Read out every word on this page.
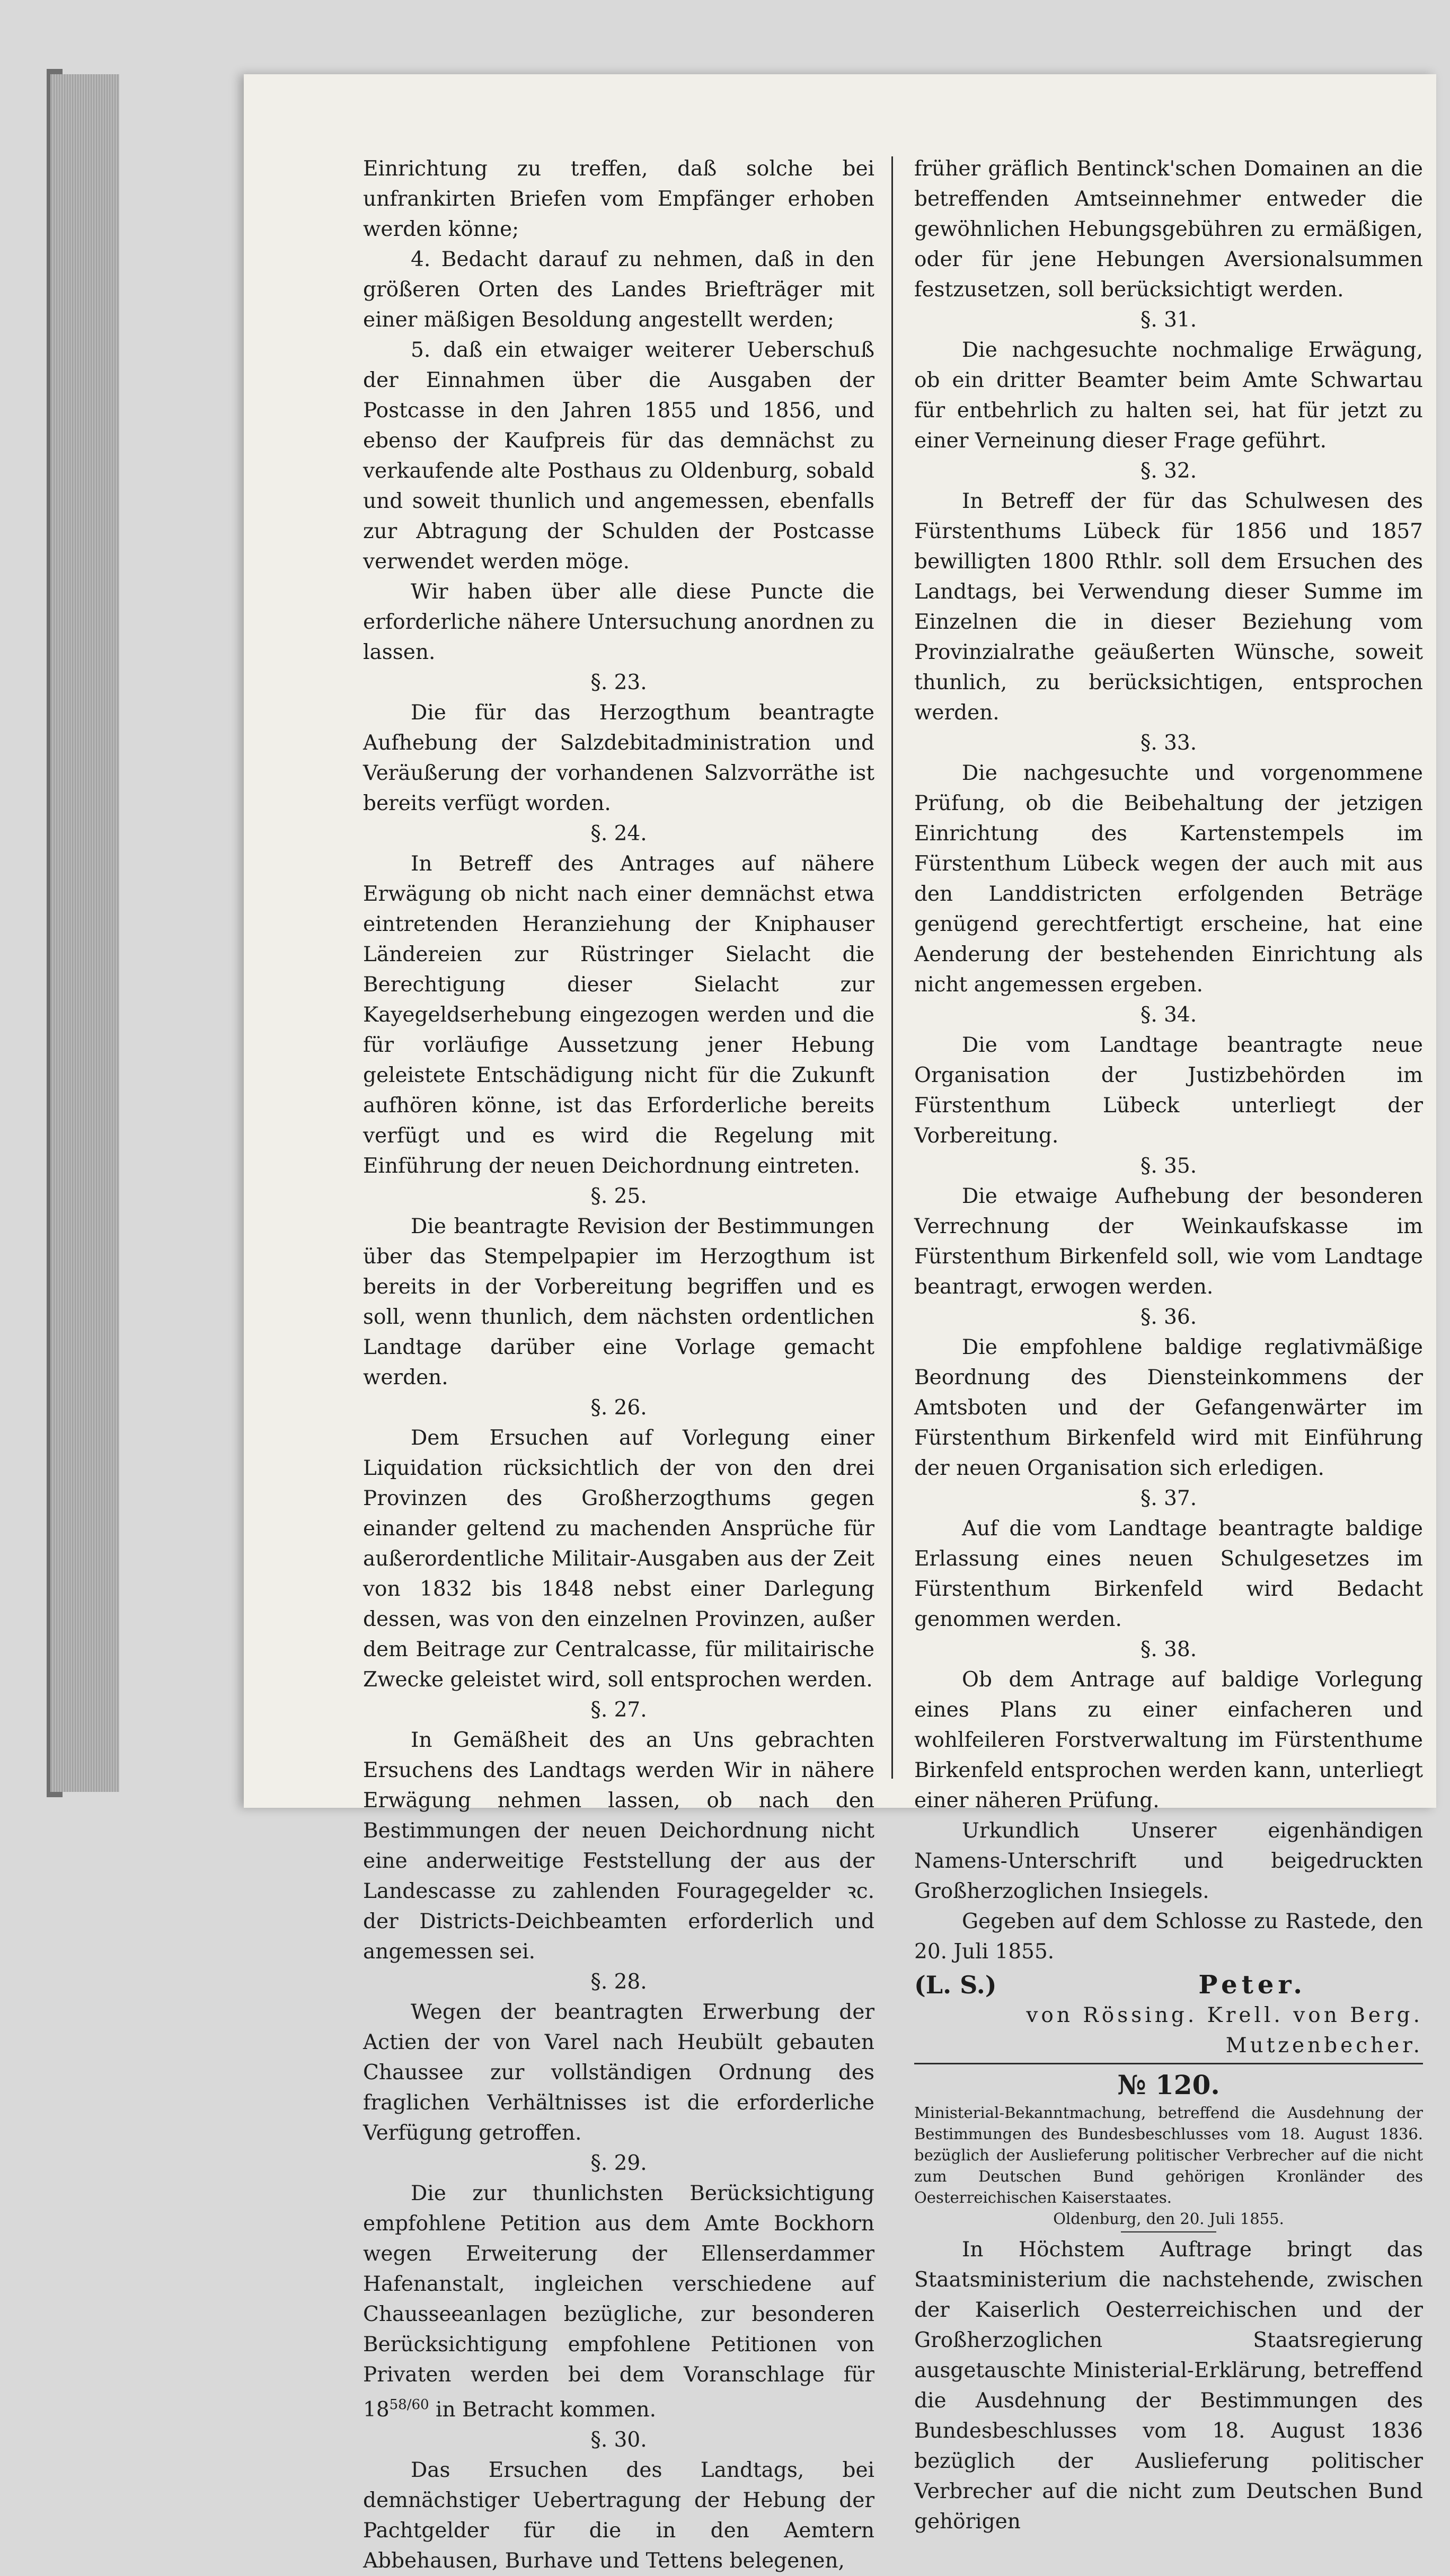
Einrichtung zu treffen, daß solche bei unfrankirten Briefen vom Empfänger erhoben werden könne;

4. Bedacht darauf zu nehmen, daß in den größeren Orten des Landes Briefträger mit einer mäßigen Besoldung angestellt werden;

5. daß ein etwaiger weiterer Ueberschuß der Einnahmen über die Ausgaben der Postcasse in den Jahren 1855 und 1856, und ebenso der Kaufpreis für das demnächst zu verkaufende alte Posthaus zu Oldenburg, sobald und soweit thunlich und angemessen, ebenfalls zur Abtragung der Schulden der Postcasse verwendet werden möge.

Wir haben über alle diese Puncte die erforderliche nähere Untersuchung anordnen zu lassen.

§. 23.

Die für das Herzogthum beantragte Aufhebung der Salzdebitadministration und Veräußerung der vorhandenen Salzvorräthe ist bereits verfügt worden.

§. 24.

In Betreff des Antrages auf nähere Erwägung ob nicht nach einer demnächst etwa eintretenden Heranziehung der Kniphauser Ländereien zur Rüstringer Sielacht die Berechtigung dieser Sielacht zur Kayegeldserhebung eingezogen werden und die für vorläufige Aussetzung jener Hebung geleistete Entschädigung nicht für die Zukunft aufhören könne, ist das Erforderliche bereits verfügt und es wird die Regelung mit Einführung der neuen Deichordnung eintreten.

§. 25.

Die beantragte Revision der Bestimmungen über das Stempelpapier im Herzogthum ist bereits in der Vorbereitung begriffen und es soll, wenn thunlich, dem nächsten ordentlichen Landtage darüber eine Vorlage gemacht werden.

§. 26.

Dem Ersuchen auf Vorlegung einer Liquidation rücksichtlich der von den drei Provinzen des Großherzogthums gegen einander geltend zu machenden Ansprüche für außerordentliche Militair-Ausgaben aus der Zeit von 1832 bis 1848 nebst einer Darlegung dessen, was von den einzelnen Provinzen, außer dem Beitrage zur Centralcasse, für militairische Zwecke geleistet wird, soll entsprochen werden.

§. 27.

In Gemäßheit des an Uns gebrachten Ersuchens des Landtags werden Wir in nähere Erwägung nehmen lassen, ob nach den Bestimmungen der neuen Deichordnung nicht eine anderweitige Feststellung der aus der Landescasse zu zahlenden Fouragegelder ꝛc. der Districts-Deichbeamten erforderlich und angemessen sei.

§. 28.

Wegen der beantragten Erwerbung der Actien der von Varel nach Heubült gebauten Chaussee zur vollständigen Ordnung des fraglichen Verhältnisses ist die erforderliche Verfügung getroffen.

§. 29.

Die zur thunlichsten Berücksichtigung empfohlene Petition aus dem Amte Bockhorn wegen Erweiterung der Ellenserdammer Hafenanstalt, ingleichen verschiedene auf Chausseeanlagen bezügliche, zur besonderen Berücksichtigung empfohlene Petitionen von Privaten werden bei dem Voranschlage für $18^{58/60}$ in Betracht kommen.

§. 30.

Das Ersuchen des Landtags, bei demnächstiger Uebertragung der Hebung der Pachtgelder für die in den Aemtern Abbehausen, Burhave und Tettens belegenen,

früher gräflich Bentinck'schen Domainen an die betreffenden Amtseinnehmer entweder die gewöhnlichen Hebungsgebühren zu ermäßigen, oder für jene Hebungen Aversionalsummen festzusetzen, soll berücksichtigt werden.

§. 31.

Die nachgesuchte nochmalige Erwägung, ob ein dritter Beamter beim Amte Schwartau für entbehrlich zu halten sei, hat für jetzt zu einer Verneinung dieser Frage geführt.

§. 32.

In Betreff der für das Schulwesen des Fürstenthums Lübeck für 1856 und 1857 bewilligten 1800 Rthlr. soll dem Ersuchen des Landtags, bei Verwendung dieser Summe im Einzelnen die in dieser Beziehung vom Provinzialrathe geäußerten Wünsche, soweit thunlich, zu berücksichtigen, entsprochen werden.

§. 33.

Die nachgesuchte und vorgenommene Prüfung, ob die Beibehaltung der jetzigen Einrichtung des Kartenstempels im Fürstenthum Lübeck wegen der auch mit aus den Landdistricten erfolgenden Beträge genügend gerechtfertigt erscheine, hat eine Aenderung der bestehenden Einrichtung als nicht angemessen ergeben.

§. 34.

Die vom Landtage beantragte neue Organisation der Justizbehörden im Fürstenthum Lübeck unterliegt der Vorbereitung.

§. 35.

Die etwaige Aufhebung der besonderen Verrechnung der Weinkaufskasse im Fürstenthum Birkenfeld soll, wie vom Landtage beantragt, erwogen werden.

§. 36.

Die empfohlene baldige reglativmäßige Beordnung des Diensteinkommens der Amtsboten und der Gefangenwärter im Fürstenthum Birkenfeld wird mit Einführung der neuen Organisation sich erledigen.

§. 37.

Auf die vom Landtage beantragte baldige Erlassung eines neuen Schulgesetzes im Fürstenthum Birkenfeld wird Bedacht genommen werden.

§. 38.

Ob dem Antrage auf baldige Vorlegung eines Plans zu einer einfacheren und wohlfeileren Forstverwaltung im Fürstenthume Birkenfeld entsprochen werden kann, unterliegt einer näheren Prüfung.

Urkundlich Unserer eigenhändigen Namens-Unterschrift und beigedruckten Großherzoglichen Insiegels.

Gegeben auf dem Schlosse zu Rastede, den 20. Juli 1855.

(L. S.)	Peter.
von Rössing. Krell. von Berg.
Mutzenbecher.
№ 120.

Ministerial-Bekanntmachung, betreffend die Ausdehnung der Bestimmungen des Bundesbeschlusses vom 18. August 1836. bezüglich der Auslieferung politischer Verbrecher auf die nicht zum Deutschen Bund gehörigen Kronländer des Oesterreichischen Kaiserstaates.

Oldenburg, den 20. Juli 1855.

In Höchstem Auftrage bringt das Staatsministerium die nachstehende, zwischen der Kaiserlich Oesterreichischen und der Großherzoglichen Staatsregierung ausgetauschte Ministerial-Erklärung, betreffend die Ausdehnung der Bestimmungen des Bundesbeschlusses vom 18. August 1836 bezüglich der Auslieferung politischer Verbrecher auf die nicht zum Deutschen Bund gehörigen
